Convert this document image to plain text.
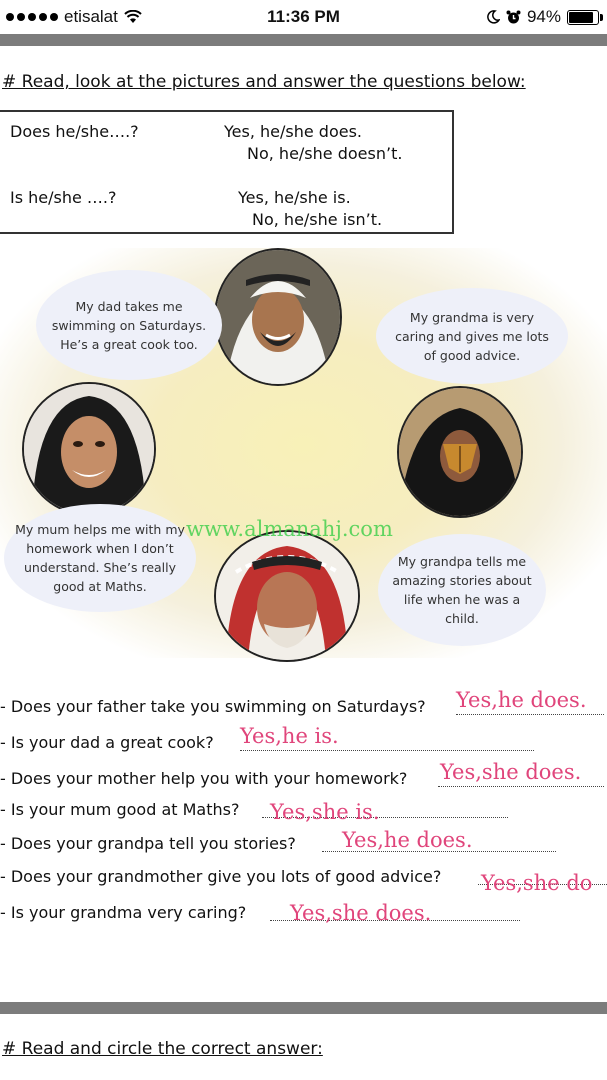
etisalat	11:36 PM	94%
# Read, look at the pictures and answer the questions below:
Does he/she….?	Yes, he/she does.
No, he/she doesn’t.
Is he/she ….?	Yes, he/she is.
No, he/she isn’t.
My dad takes me swimming on Saturdays. He’s a great cook too.
My grandma is very caring and gives me lots of good advice.
My mum helps me with my homework when I don’t understand. She’s really good at Maths.
My grandpa tells me amazing stories about life when he was a child.
www.almanahj.com
- Does your father take you swimming on Saturdays? Yes,he does.
- Is your dad a great cook? Yes,he is.
- Does your mother help you with your homework? Yes,she does.
- Is your mum good at Maths? Yes,she is.
- Does your grandpa tell you stories? Yes,he does.
- Does your grandmother give you lots of good advice? Yes,she do
- Is your grandma very caring? Yes,she does.
# Read and circle the correct answer:
